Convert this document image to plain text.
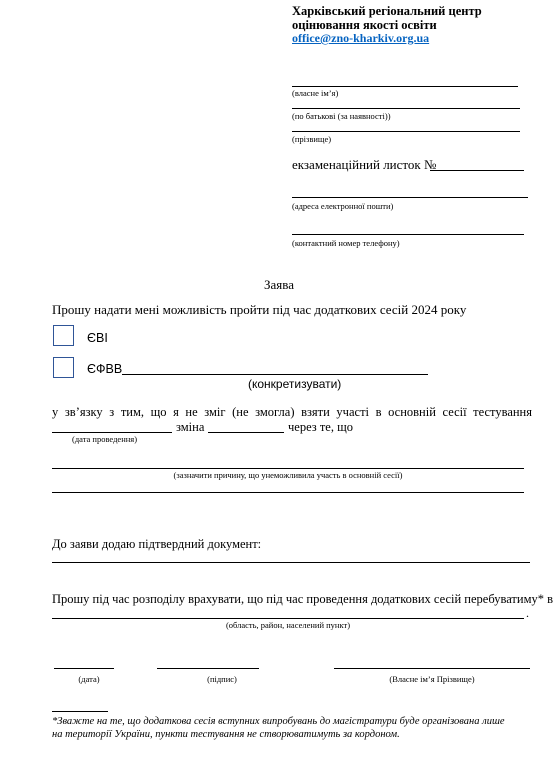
Харківський регіональний центр
оцінювання якості освіти
office@zno-kharkiv.org.ua
(власне ім’я)
(по батькові (за наявності))
(прізвище)
екзаменаційний листок №
(адреса електронної пошти)
(контактний номер телефону)
Заява
Прошу надати мені можливість пройти під час додаткових сесій 2024 року
ЄВІ
ЄФВВ
(конкретизувати)
у зв’язку з тим, що я не зміг (не змогла) взяти участі в основній сесії тестування
зміна	через те, що
(дата проведення)
(зазначити причину, що унеможливила участь в основній сесії)
До заяви додаю підтвердний документ:
Прошу під час розподілу врахувати, що під час проведення додаткових сесій перебуватиму* в
.
(область, район, населений пункт)
(дата)	(підпис)	(Власне ім’я Прізвище)
*Зважте на те, що додаткова сесія вступних випробувань до магістратури буде організована лише
на території України, пункти тестування не створюватимуть за кордоном.
